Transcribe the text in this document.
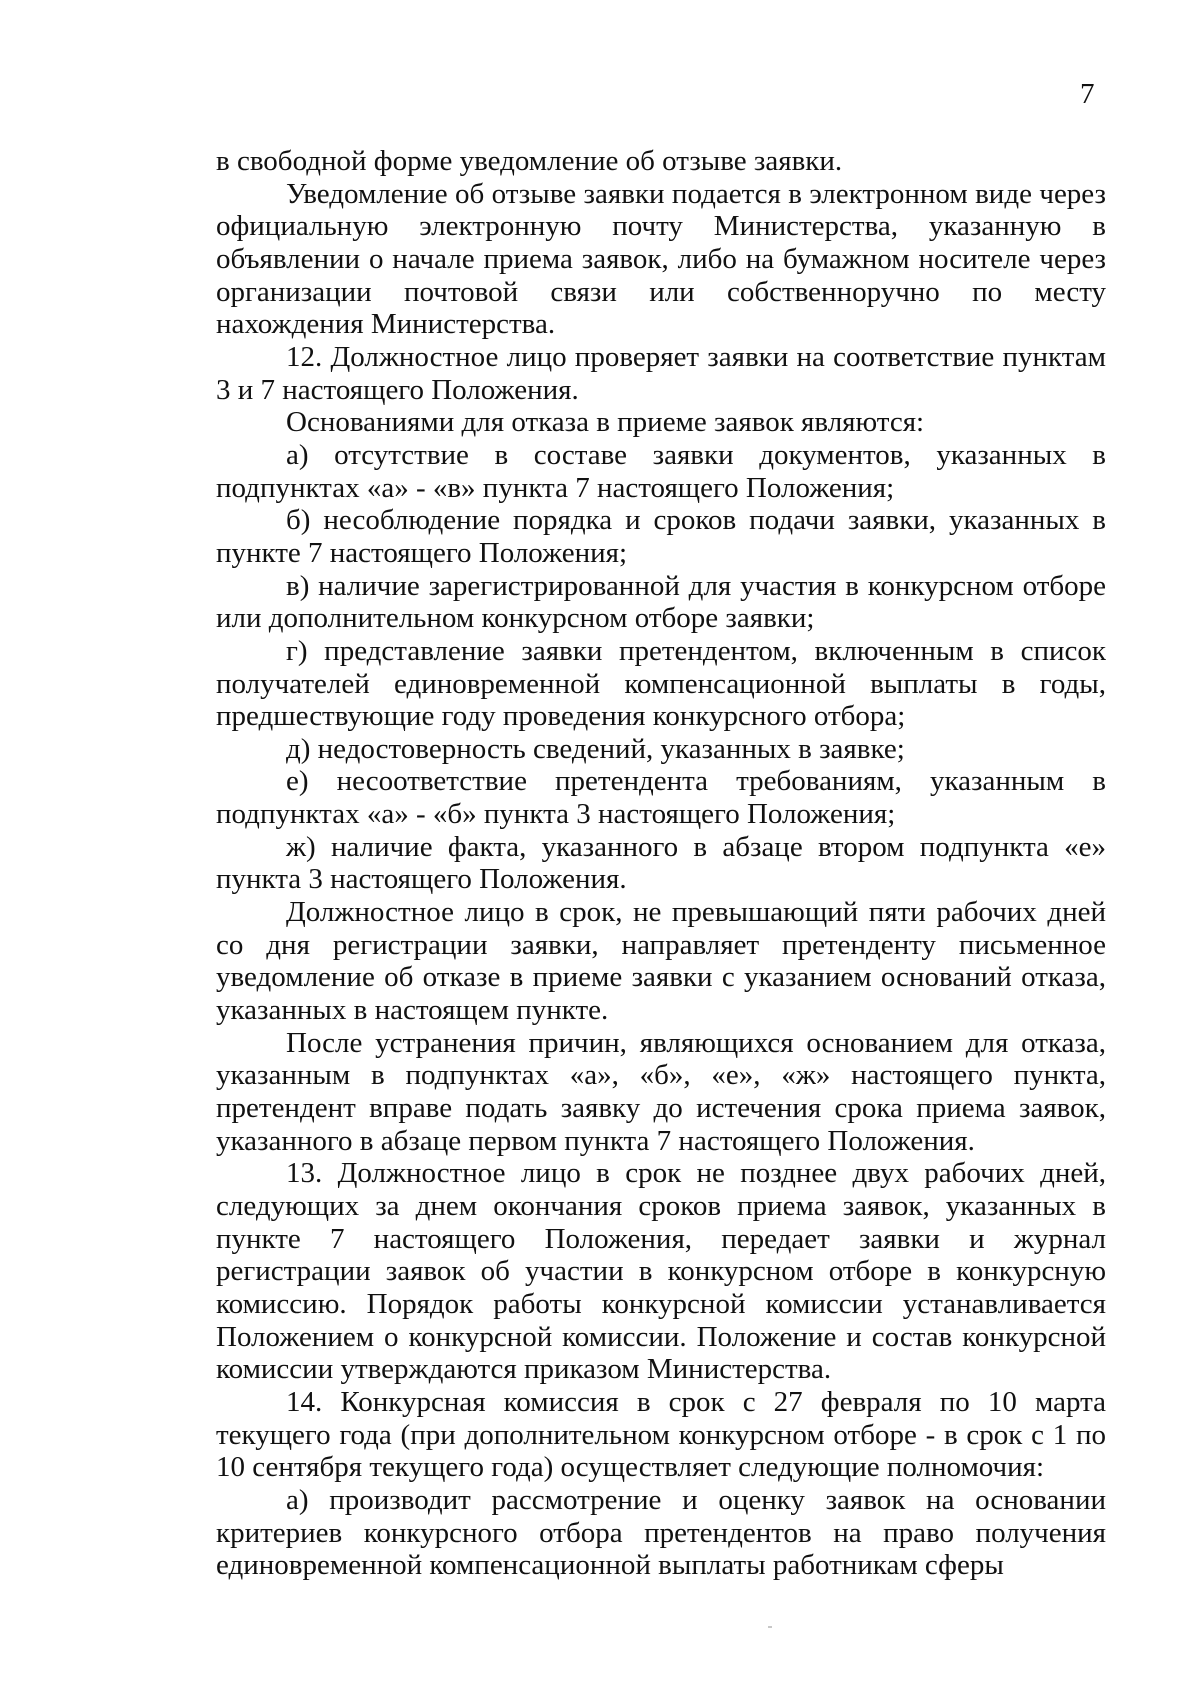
7

в свободной форме уведомление об отзыве заявки.

Уведомление об отзыве заявки подается в электронном виде через официальную электронную почту Министерства, указанную в объявлении о начале приема заявок, либо на бумажном носителе через организации почтовой связи или собственноручно по месту нахождения Министерства.

12. Должностное лицо проверяет заявки на соответствие пунктам 3 и 7 настоящего Положения.

Основаниями для отказа в приеме заявок являются:

а) отсутствие в составе заявки документов, указанных в подпунктах «а» - «в» пункта 7 настоящего Положения;

б) несоблюдение порядка и сроков подачи заявки, указанных в пункте 7 настоящего Положения;

в) наличие зарегистрированной для участия в конкурсном отборе или дополнительном конкурсном отборе заявки;

г) представление заявки претендентом, включенным в список получателей единовременной компенсационной выплаты в годы, предшествующие году проведения конкурсного отбора;

д) недостоверность сведений, указанных в заявке;

е) несоответствие претендента требованиям, указанным в подпунктах «а» - «б» пункта 3 настоящего Положения;

ж) наличие факта, указанного в абзаце втором подпункта «е» пункта 3 настоящего Положения.

Должностное лицо в срок, не превышающий пяти рабочих дней со дня регистрации заявки, направляет претенденту письменное уведомление об отказе в приеме заявки с указанием оснований отказа, указанных в настоящем пункте.

После устранения причин, являющихся основанием для отказа, указанным в подпунктах «а», «б», «е», «ж» настоящего пункта, претендент вправе подать заявку до истечения срока приема заявок, указанного в абзаце первом пункта 7 настоящего Положения.

13. Должностное лицо в срок не позднее двух рабочих дней, следующих за днем окончания сроков приема заявок, указанных в пункте 7 настоящего Положения, передает заявки и журнал регистрации заявок об участии в конкурсном отборе в конкурсную комиссию. Порядок работы конкурсной комиссии устанавливается Положением о конкурсной комиссии. Положение и состав конкурсной комиссии утверждаются приказом Министерства.

14. Конкурсная комиссия в срок с 27 февраля по 10 марта текущего года (при дополнительном конкурсном отборе - в срок с 1 по 10 сентября текущего года) осуществляет следующие полномочия:

а) производит рассмотрение и оценку заявок на основании критериев конкурсного отбора претендентов на право получения единовременной компенсационной выплаты работникам сферы
